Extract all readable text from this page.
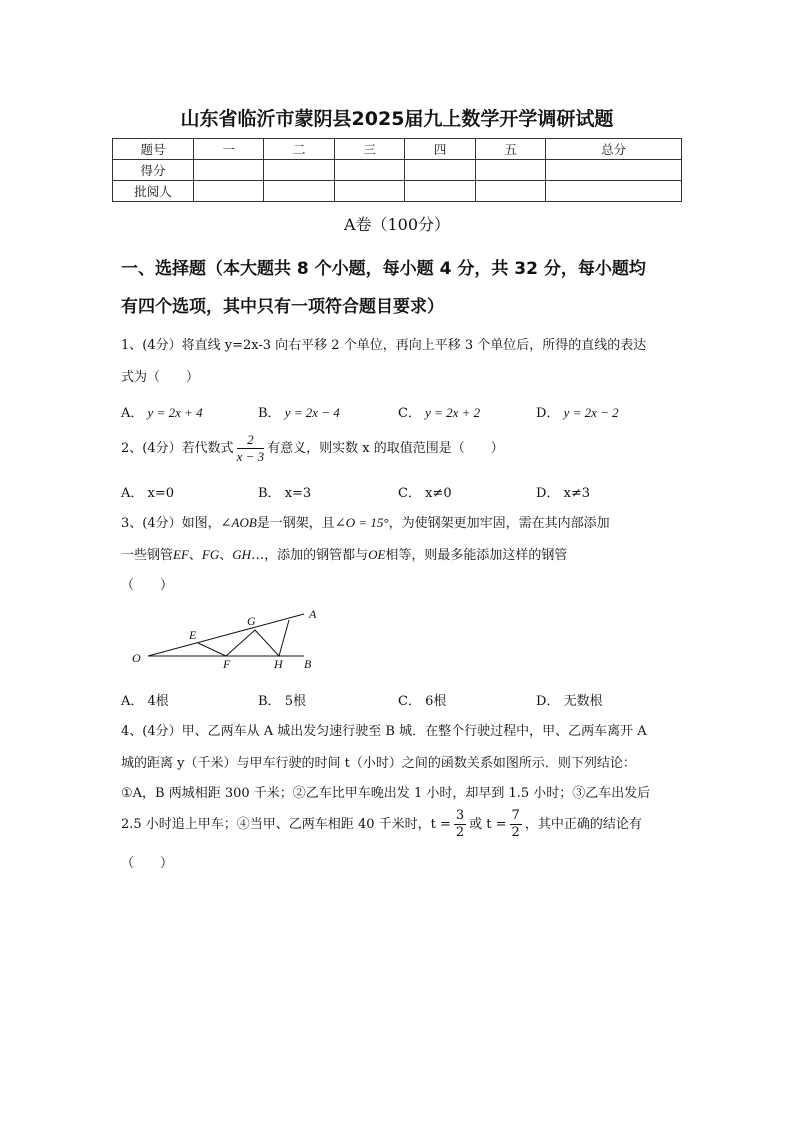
山东省临沂市蒙阴县2025届九上数学开学调研试题
题号	一	二	三	四	五	总分
得分						
批阅人						
A卷（100分）
一、选择题（本大题共 8 个小题，每小题 4 分，共 32 分，每小题均
有四个选项，其中只有一项符合题目要求）
1、(4分）将直线 y=2x-3 向右平移 2 个单位，再向上平移 3 个单位后，所得的直线的表达
式为（　　）
A． y = 2x + 4	B． y = 2x − 4	C． y = 2x + 2	D． y = 2x − 2
2、(4分）若代数式 $\frac{2}{x - 3}$ 有意义，则实数 x 的取值范围是（　　）
A． x=0	B． x=3	C． x≠0	D． x≠3
3、(4分）如图，∠AOB是一钢架，且∠O = 15°，为使钢架更加牢固，需在其内部添加
一些钢管EF、FG、GH…，添加的钢管都与OE相等，则最多能添加这样的钢管
（　　）
O
E
F
G
H
A
B
A． 4根	B． 5根	C． 6根	D． 无数根
4、(4分）甲、乙两车从 A 城出发匀速行驶至 B 城．在整个行驶过程中，甲、乙两车离开 A
城的距离 y（千米）与甲车行驶的时间 t（小时）之间的函数关系如图所示．则下列结论：
①A，B 两城相距 300 千米；②乙车比甲车晚出发 1 小时，却早到 1.5 小时；③乙车出发后
2.5 小时追上甲车；④当甲、乙两车相距 40 千米时，$t = \frac{3}{2}$ 或 $t = \frac{7}{2}$ ，其中正确的结论有
（　　）
